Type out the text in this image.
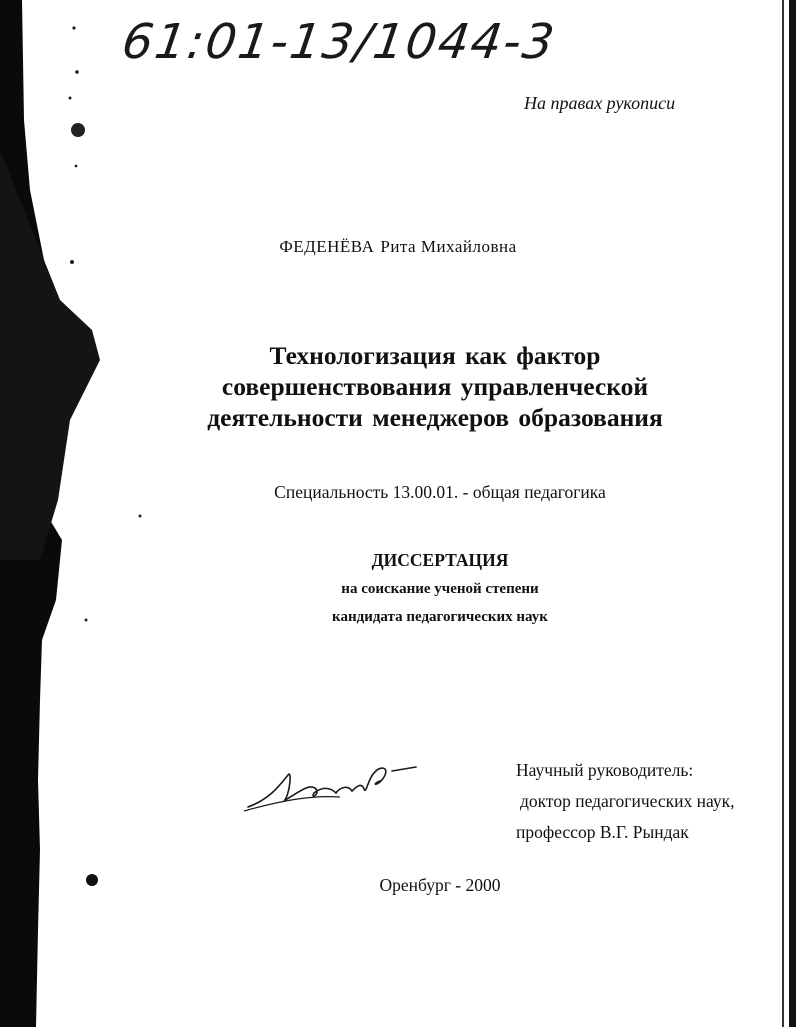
61:01-13/1044-3
На правах рукописи
ФЕДЕНЁВА Рита Михайловна
Технологизация как фактор
совершенствования управленческой
деятельности менеджеров образования
Специальность 13.00.01. - общая педагогика
ДИССЕРТАЦИЯ
на соискание ученой степени
кандидата педагогических наук
Научный руководитель:
доктор педагогических наук,
профессор В.Г. Рындак
Оренбург - 2000
